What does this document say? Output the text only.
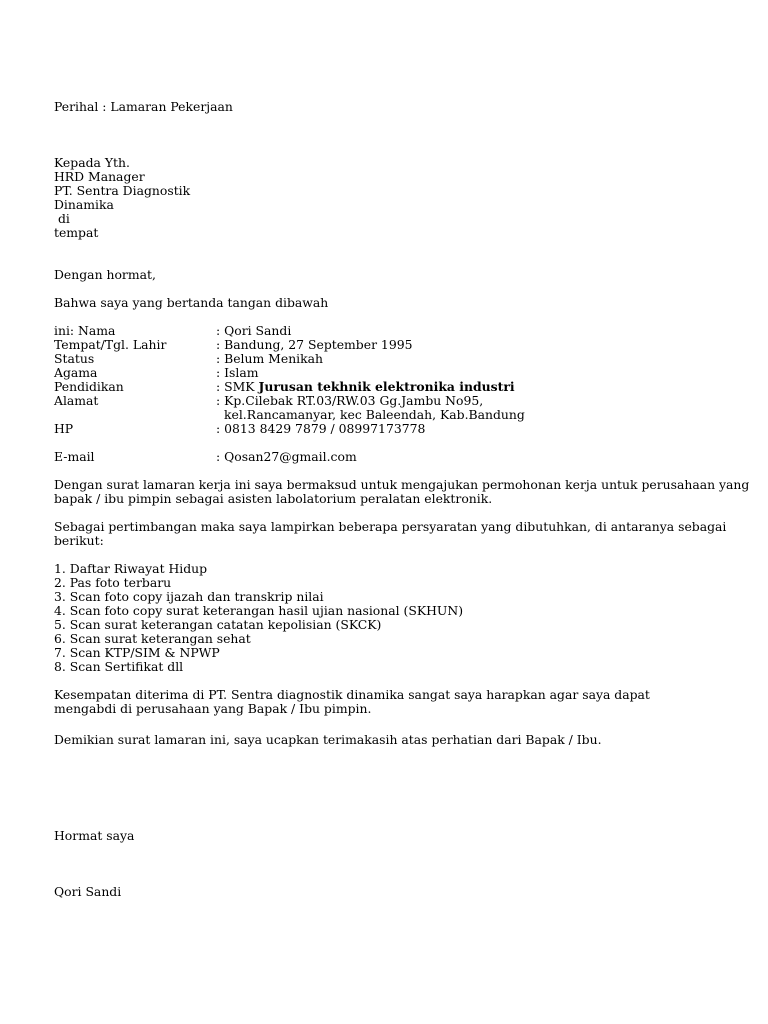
Perihal : Lamaran Pekerjaan
Kepada Yth.
HRD Manager
PT. Sentra Diagnostik
Dinamika
di
tempat
Dengan hormat,
Bahwa saya yang bertanda tangan dibawah
ini: Nama	: Qori Sandi
Tempat/Tgl. Lahir	: Bandung, 27 September 1995
Status	: Belum Menikah
Agama	: Islam
Pendidikan	: SMK Jurusan tekhnik elektronika industri
Alamat	: Kp.Cilebak RT.03/RW.03 Gg.Jambu No95,
kel.Rancamanyar, kec Baleendah, Kab.Bandung
HP	: 0813 8429 7879 / 08997173778
E-mail	: Qosan27@gmail.com
Dengan surat lamaran kerja ini saya bermaksud untuk mengajukan permohonan kerja untuk perusahaan yang
bapak / ibu pimpin sebagai asisten labolatorium peralatan elektronik.
Sebagai pertimbangan maka saya lampirkan beberapa persyaratan yang dibutuhkan, di antaranya sebagai
berikut:
1. Daftar Riwayat Hidup
2. Pas foto terbaru
3. Scan foto copy ijazah dan transkrip nilai
4. Scan foto copy surat keterangan hasil ujian nasional (SKHUN)
5. Scan surat keterangan catatan kepolisian (SKCK)
6. Scan surat keterangan sehat
7. Scan KTP/SIM & NPWP
8. Scan Sertifikat dll
Kesempatan diterima di PT. Sentra diagnostik dinamika sangat saya harapkan agar saya dapat
mengabdi di perusahaan yang Bapak / Ibu pimpin.
Demikian surat lamaran ini, saya ucapkan terimakasih atas perhatian dari Bapak / Ibu.
Hormat saya
Qori Sandi
